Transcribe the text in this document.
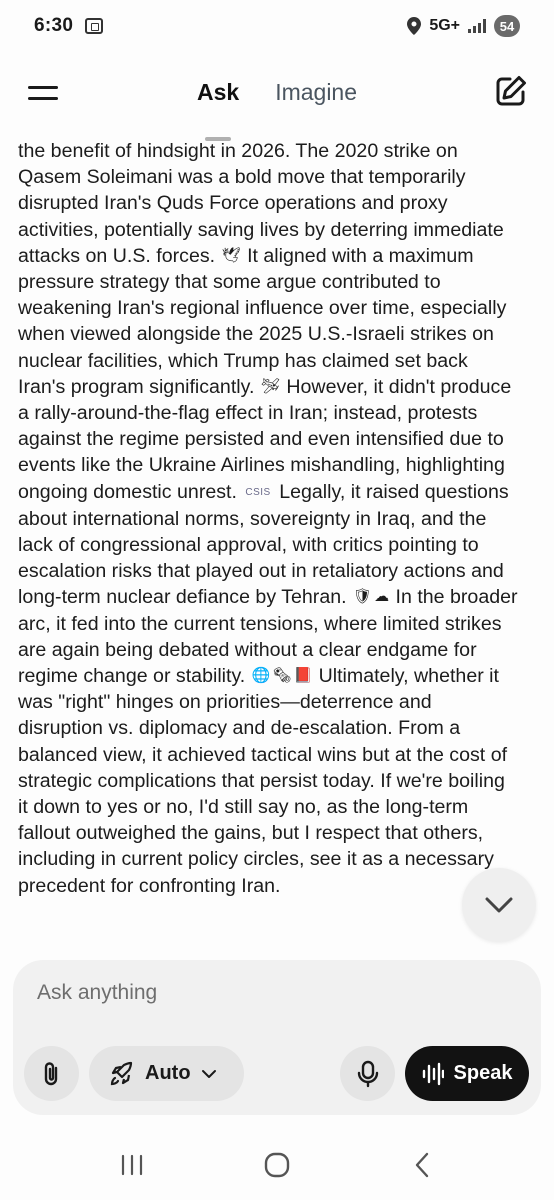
6:30	5G+	54
Ask Imagine
the benefit of hindsight in 2026. The 2020 strike on Qasem Soleimani was a bold move that temporarily disrupted Iran's Quds Force operations and proxy activities, potentially saving lives by deterring immediate attacks on U.S. forces. 🕊 It aligned with a maximum pressure strategy that some argue contributed to weakening Iran's regional influence over time, especially when viewed alongside the 2025 U.S.-Israeli strikes on nuclear facilities, which Trump has claimed set back Iran's program significantly. 🛩 However, it didn't produce a rally-around-the-flag effect in Iran; instead, protests against the regime persisted and even intensified due to events like the Ukraine Airlines mishandling, highlighting ongoing domestic unrest. CSIS Legally, it raised questions about international norms, sovereignty in Iraq, and the lack of congressional approval, with critics pointing to escalation risks that played out in retaliatory actions and long-term nuclear defiance by Tehran. 🛡 ☁ In the broader arc, it fed into the current tensions, where limited strikes are again being debated without a clear endgame for regime change or stability. 🌐 🗞 📕 Ultimately, whether it was "right" hinges on priorities—deterrence and disruption vs. diplomacy and de-escalation. From a balanced view, it achieved tactical wins but at the cost of strategic complications that persist today. If we're boiling it down to yes or no, I'd still say no, as the long-term fallout outweighed the gains, but I respect that others, including in current policy circles, see it as a necessary precedent for confronting Iran.
Ask anything
Auto	Speak
